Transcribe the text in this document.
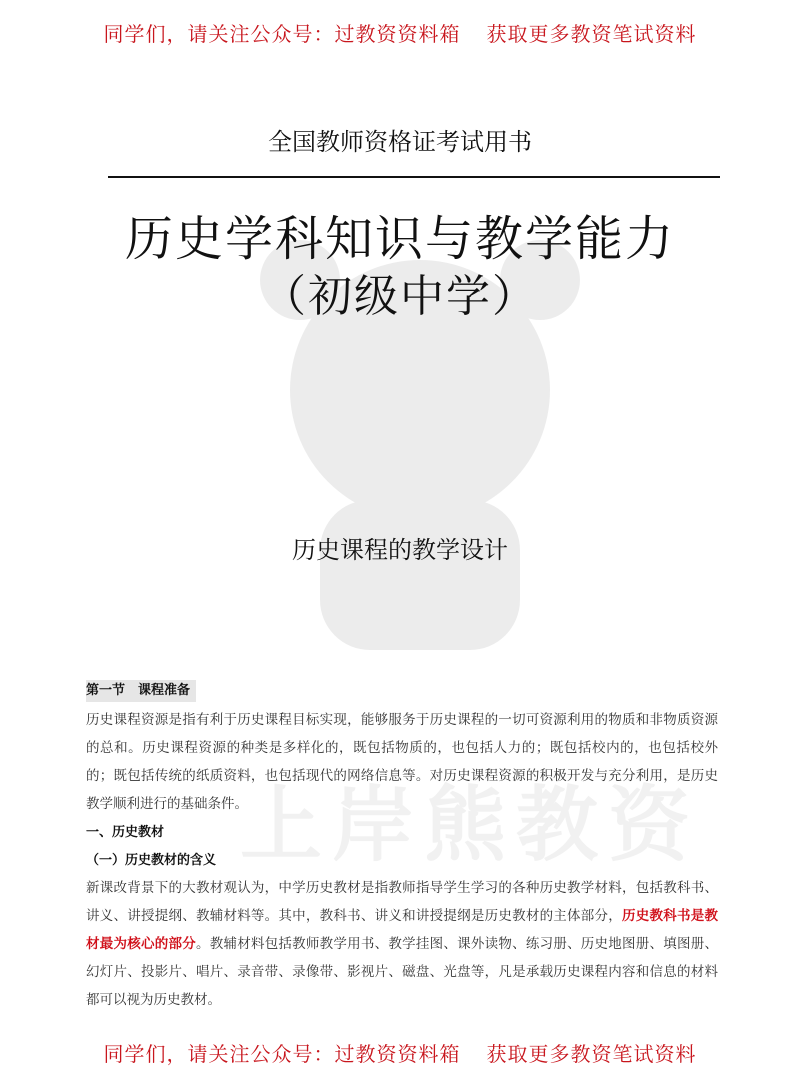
同学们，请关注公众号：过教资资料箱 获取更多教资笔试资料
上岸熊教资
全国教师资格证考试用书
历史学科知识与教学能力
（初级中学）
历史课程的教学设计
第一节　课程准备

历史课程资源是指有利于历史课程目标实现，能够服务于历史课程的一切可资源利用的物质和非物质资源的总和。历史课程资源的种类是多样化的，既包括物质的，也包括人力的；既包括校内的，也包括校外的；既包括传统的纸质资料，也包括现代的网络信息等。对历史课程资源的积极开发与充分利用，是历史教学顺利进行的基础条件。

一、历史教材
（一）历史教材的含义

新课改背景下的大教材观认为，中学历史教材是指教师指导学生学习的各种历史教学材料，包括教科书、讲义、讲授提纲、教辅材料等。其中，教科书、讲义和讲授提纲是历史教材的主体部分，历史教科书是教材最为核心的部分。教辅材料包括教师教学用书、教学挂图、课外读物、练习册、历史地图册、填图册、幻灯片、投影片、唱片、录音带、录像带、影视片、磁盘、光盘等，凡是承载历史课程内容和信息的材料都可以视为历史教材。

同学们，请关注公众号：过教资资料箱 获取更多教资笔试资料
